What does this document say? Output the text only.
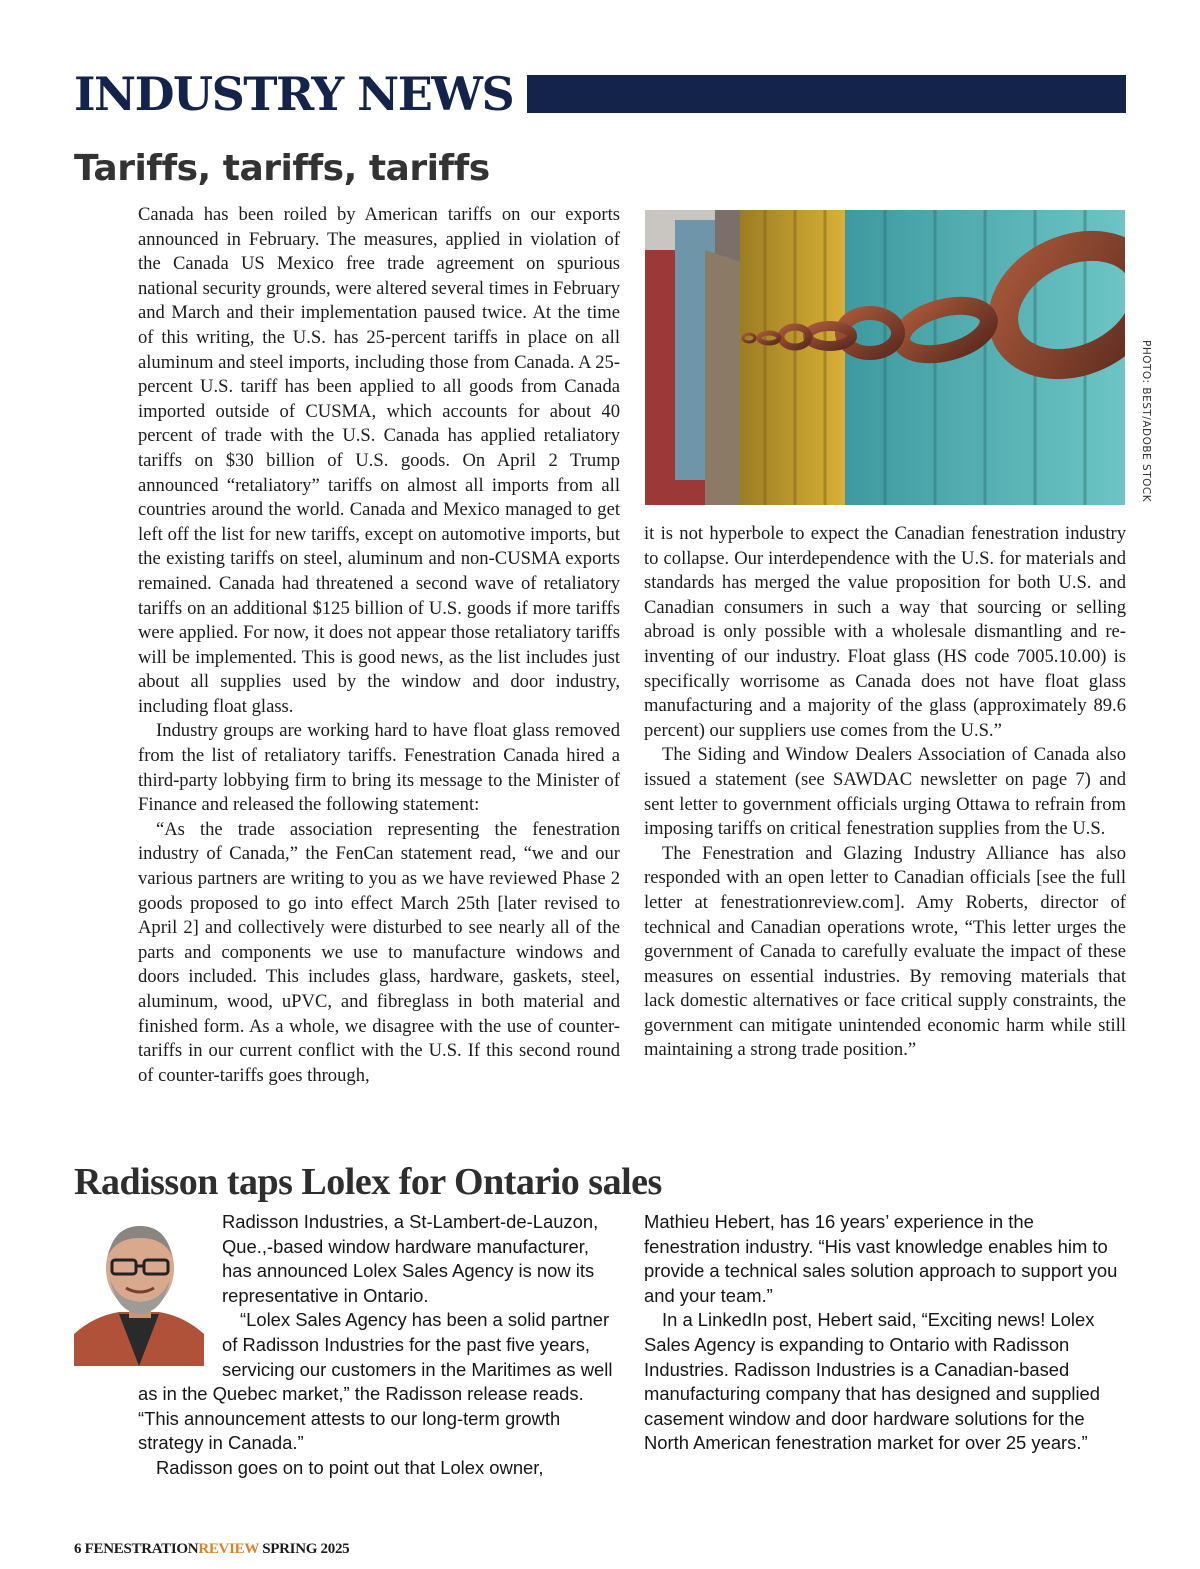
INDUSTRY NEWS
Tariffs, tariffs, tariffs

Canada has been roiled by American tariffs on our exports announced in February. The measures, applied in violation of the Canada US Mexico free trade agreement on spurious national security grounds, were altered several times in February and March and their implementation paused twice. At the time of this writing, the U.S. has 25-percent tariffs in place on all aluminum and steel imports, including those from Canada. A 25-percent U.S. tariff has been applied to all goods from Canada imported outside of CUSMA, which accounts for about 40 percent of trade with the U.S. Canada has applied retaliatory tariffs on $30 billion of U.S. goods. On April 2 Trump announced “retaliatory” tariffs on almost all imports from all countries around the world. Canada and Mexico managed to get left off the list for new tariffs, except on automotive imports, but the existing tariffs on steel, aluminum and non-CUSMA exports remained. Canada had threatened a second wave of retaliatory tariffs on an additional $125 billion of U.S. goods if more tariffs were applied. For now, it does not appear those retaliatory tariffs will be implemented. This is good news, as the list includes just about all supplies used by the window and door industry, including float glass.

Industry groups are working hard to have float glass removed from the list of retaliatory tariffs. Fenestration Canada hired a third-party lobbying firm to bring its message to the Minister of Finance and released the following statement:

“As the trade association representing the fenestration industry of Canada,” the FenCan statement read, “we and our various partners are writing to you as we have reviewed Phase 2 goods proposed to go into effect March 25th [later revised to April 2] and collectively were disturbed to see nearly all of the parts and components we use to manufacture windows and doors included. This includes glass, hardware, gaskets, steel, aluminum, wood, uPVC, and fibreglass in both material and finished form. As a whole, we disagree with the use of counter-tariffs in our current conflict with the U.S. If this second round of counter-tariffs goes through,

PHOTO: BEST/ADOBE STOCK

it is not hyperbole to expect the Canadian fenestration industry to collapse. Our interdependence with the U.S. for materials and standards has merged the value proposition for both U.S. and Canadian consumers in such a way that sourcing or selling abroad is only possible with a wholesale dismantling and re-inventing of our industry. Float glass (HS code 7005.10.00) is specifically worrisome as Canada does not have float glass manufacturing and a majority of the glass (approximately 89.6 percent) our suppliers use comes from the U.S.”

The Siding and Window Dealers Association of Canada also issued a statement (see SAWDAC newsletter on page 7) and sent letter to government officials urging Ottawa to refrain from imposing tariffs on critical fenestration supplies from the U.S.

The Fenestration and Glazing Industry Alliance has also responded with an open letter to Canadian officials [see the full letter at fenestrationreview.com]. Amy Roberts, director of technical and Canadian operations wrote, “This letter urges the government of Canada to carefully evaluate the impact of these measures on essential industries. By removing materials that lack domestic alternatives or face critical supply constraints, the government can mitigate unintended economic harm while still maintaining a strong trade position.”

Radisson taps Lolex for Ontario sales

Radisson Industries, a St-Lambert-de-Lauzon, Que.,-based window hardware manufacturer, has announced Lolex Sales Agency is now its representative in Ontario.

“Lolex Sales Agency has been a solid partner of Radisson Industries for the past five years, servicing our customers in the Maritimes as well as in the Quebec market,” the Radisson release reads. “This announcement attests to our long-term growth strategy in Canada.”

Radisson goes on to point out that Lolex owner,

Mathieu Hebert, has 16 years’ experience in the fenestration industry. “His vast knowledge enables him to provide a technical sales solution approach to support you and your team.”

In a LinkedIn post, Hebert said, “Exciting news! Lolex Sales Agency is expanding to Ontario with Radisson Industries. Radisson Industries is a Canadian-based manufacturing company that has designed and supplied casement window and door hardware solutions for the North American fenestration market for over 25 years.”

6 FENESTRATIONREVIEW SPRING 2025
